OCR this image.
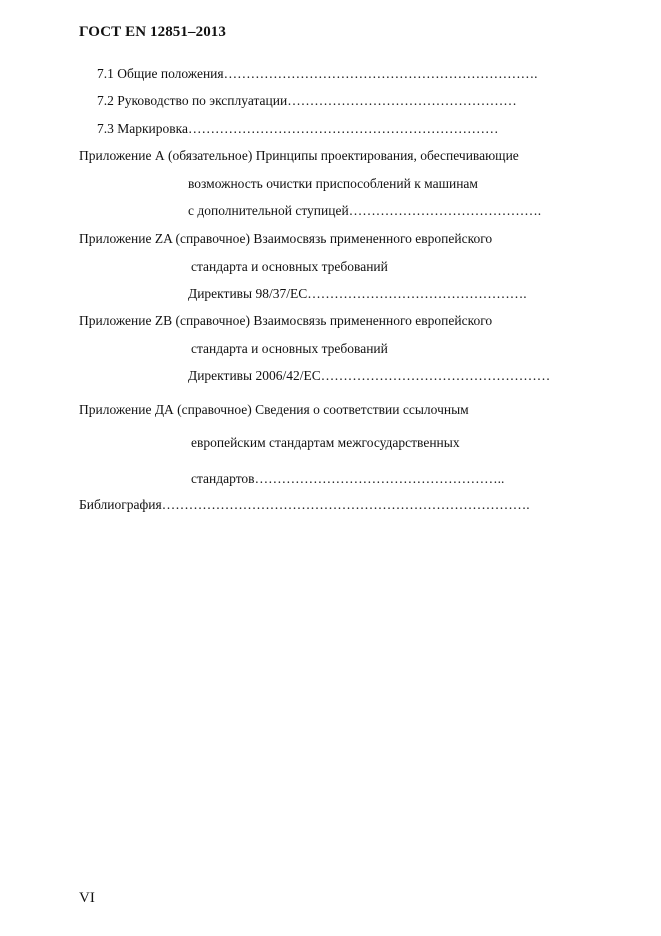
ГОСТ EN 12851–2013
7.1 Общие положения…………………………………………………………….
7.2 Руководство по эксплуатации……………………………………………
7.3 Маркировка……………………………………………………………
Приложение А (обязательное) Принципы проектирования, обеспечивающие
возможность очистки приспособлений к машинам
с дополнительной ступицей…………………………………….
Приложение ZA (справочное) Взаимосвязь примененного европейского
стандарта и основных требований
Директивы 98/37/ЕС………………………………………….
Приложение ZB (справочное) Взаимосвязь примененного европейского
стандарта и основных требований
Директивы 2006/42/ЕС……………………………………………
Приложение ДА (справочное) Сведения о соответствии ссылочным
европейским стандартам межгосударственных
стандартов………………………………………………..
Библиография……………………………………………………………………….
VI
